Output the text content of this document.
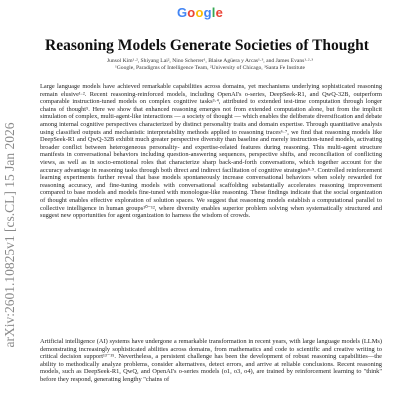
Google
arXiv:2601.10825v1 [cs.CL] 15 Jan 2026
Reasoning Models Generate Societies of Thought
Junsol Kim¹·², Shiyang Lai², Nino Scherrer¹, Blaise Agüera y Arcas¹·³, and James Evans¹·²·³
¹Google, Paradigms of Intelligence Team, ²University of Chicago, ³Santa Fe Institute
Large language models have achieved remarkable capabilities across domains, yet mechanisms underlying sophisticated reasoning remain elusive¹·². Recent reasoning-reinforced models, including OpenAI's o-series, DeepSeek-R1, and QwQ-32B, outperform comparable instruction-tuned models on complex cognitive tasks³·⁴, attributed to extended test-time computation through longer chains of thought⁵. Here we show that enhanced reasoning emerges not from extended computation alone, but from the implicit simulation of complex, multi-agent-like interactions — a society of thought — which enables the deliberate diversification and debate among internal cognitive perspectives characterized by distinct personality traits and domain expertise. Through quantitative analysis using classified outputs and mechanistic interpretability methods applied to reasoning traces⁶·⁷, we find that reasoning models like DeepSeek-R1 and QwQ-32B exhibit much greater perspective diversity than baseline and merely instruction-tuned models, activating broader conflict between heterogeneous personality- and expertise-related features during reasoning. This multi-agent structure manifests in conversational behaviors including question-answering sequences, perspective shifts, and reconciliation of conflicting views, as well as in socio-emotional roles that characterize sharp back-and-forth conversations, which together account for the accuracy advantage in reasoning tasks through both direct and indirect facilitation of cognitive strategies⁸·⁹. Controlled reinforcement learning experiments further reveal that base models spontaneously increase conversational behaviors when solely rewarded for reasoning accuracy, and fine-tuning models with conversational scaffolding substantially accelerates reasoning improvement compared to base models and models fine-tuned with monologue-like reasoning. These findings indicate that the social organization of thought enables effective exploration of solution spaces. We suggest that reasoning models establish a computational parallel to collective intelligence in human groups¹⁰⁻¹², where diversity enables superior problem solving when systematically structured and suggest new opportunities for agent organization to harness the wisdom of crowds.
Artificial intelligence (AI) systems have undergone a remarkable transformation in recent years, with large language models (LLMs) demonstrating increasingly sophisticated abilities across domains, from mathematics and code to scientific and creative writing to critical decision support¹³⁻¹⁵. Nevertheless, a persistent challenge has been the development of robust reasoning capabilities—the ability to methodically analyze problems, consider alternatives, detect errors, and arrive at reliable conclusions. Recent reasoning models, such as DeepSeek-R1, QwQ, and OpenAI's o-series models (o1, o3, o4), are trained by reinforcement learning to "think" before they respond, generating lengthy "chains of
